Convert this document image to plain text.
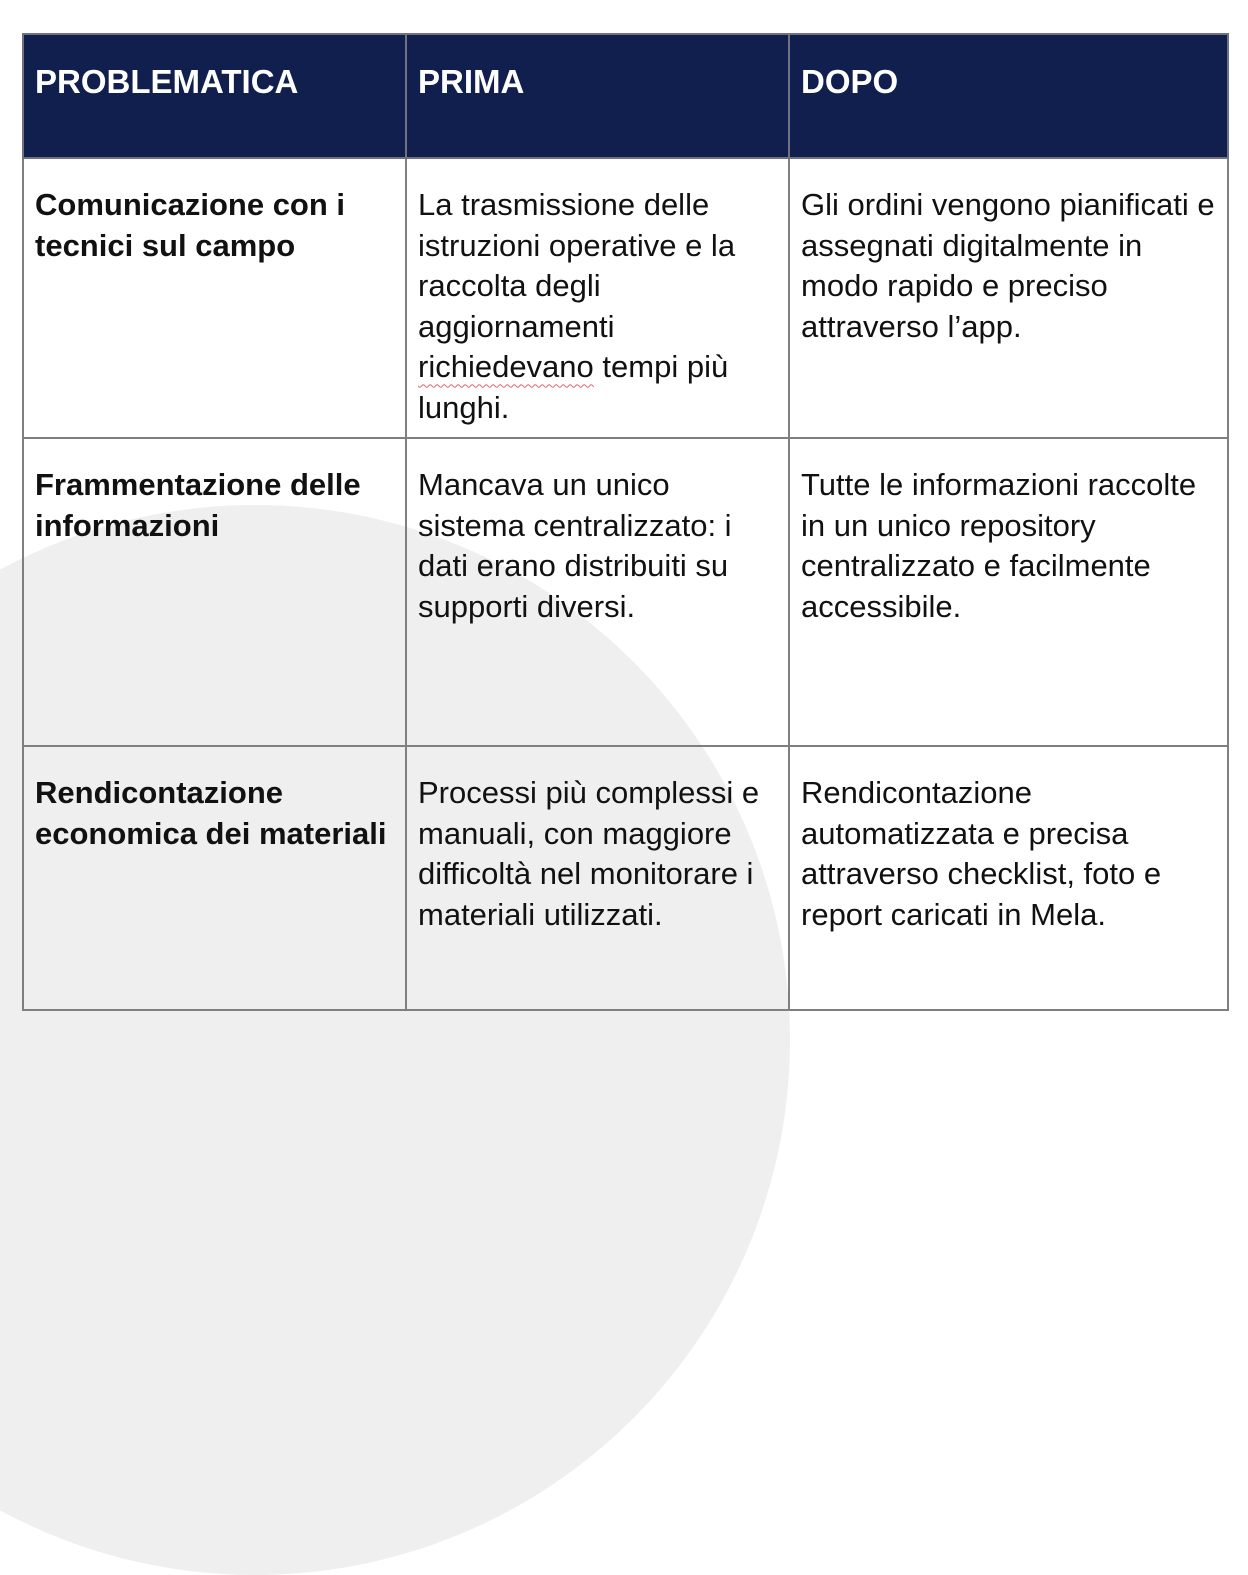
PROBLEMATICA	PRIMA	DOPO
Comunicazione con i tecnici sul campo	La trasmissione delle istruzioni operative e la raccolta degli aggiornamenti richiedevano tempi più lunghi.	Gli ordini vengono pianificati e assegnati digitalmente in modo rapido e preciso attraverso l’app.
Frammentazione delle informazioni	Mancava un unico sistema centralizzato: i dati erano distribuiti su supporti diversi.	Tutte le informazioni raccolte in un unico repository centralizzato e facilmente accessibile.
Rendicontazione economica dei materiali	Processi più complessi e manuali, con maggiore difficoltà nel monitorare i materiali utilizzati.	Rendicontazione automatizzata e precisa attraverso checklist, foto e report caricati in Mela.
